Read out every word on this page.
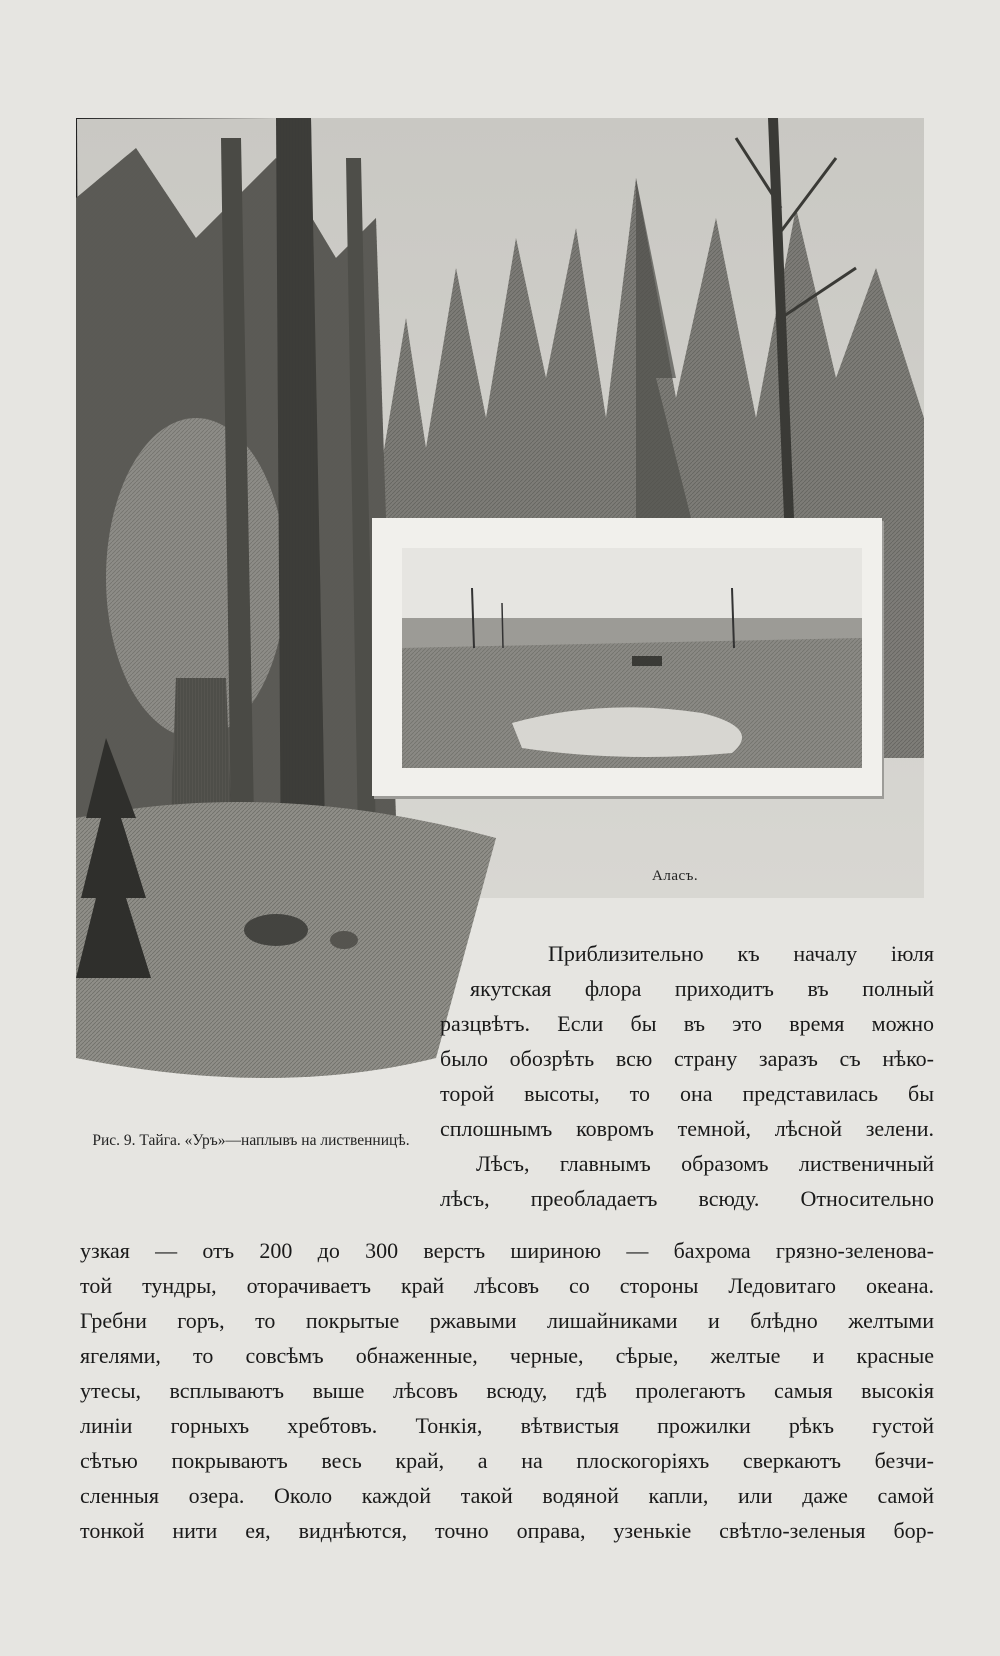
Аласъ.
Рис. 9. Тайга. «Уръ»—наплывъ на лиственницѣ.
Приблизительно къ началу іюля
якутская флора приходитъ въ полный
разцвѣтъ. Если бы въ это время можно
было обозрѣть всю страну заразъ съ нѣко-
торой высоты, то она представилась бы
сплошнымъ ковромъ темной, лѣсной зелени.
Лѣсъ, главнымъ образомъ лиственичный
лѣсъ, преобладаетъ всюду. Относительно
узкая — отъ 200 до 300 верстъ шириною — бахрома грязно-зеленова-
той тундры, оторачиваетъ край лѣсовъ со стороны Ледовитаго океана.
Гребни горъ, то покрытые ржавыми лишайниками и блѣдно желтыми
ягелями, то совсѣмъ обнаженные, черные, сѣрые, желтые и красные
утесы, всплываютъ выше лѣсовъ всюду, гдѣ пролегаютъ самыя высокія
линіи горныхъ хребтовъ. Тонкія, вѣтвистыя прожилки рѣкъ густой
сѣтью покрываютъ весь край, а на плоскогоріяхъ сверкаютъ безчи-
сленныя озера. Около каждой такой водяной капли, или даже самой
тонкой нити ея, виднѣются, точно оправа, узенькіе свѣтло-зеленыя бор-
